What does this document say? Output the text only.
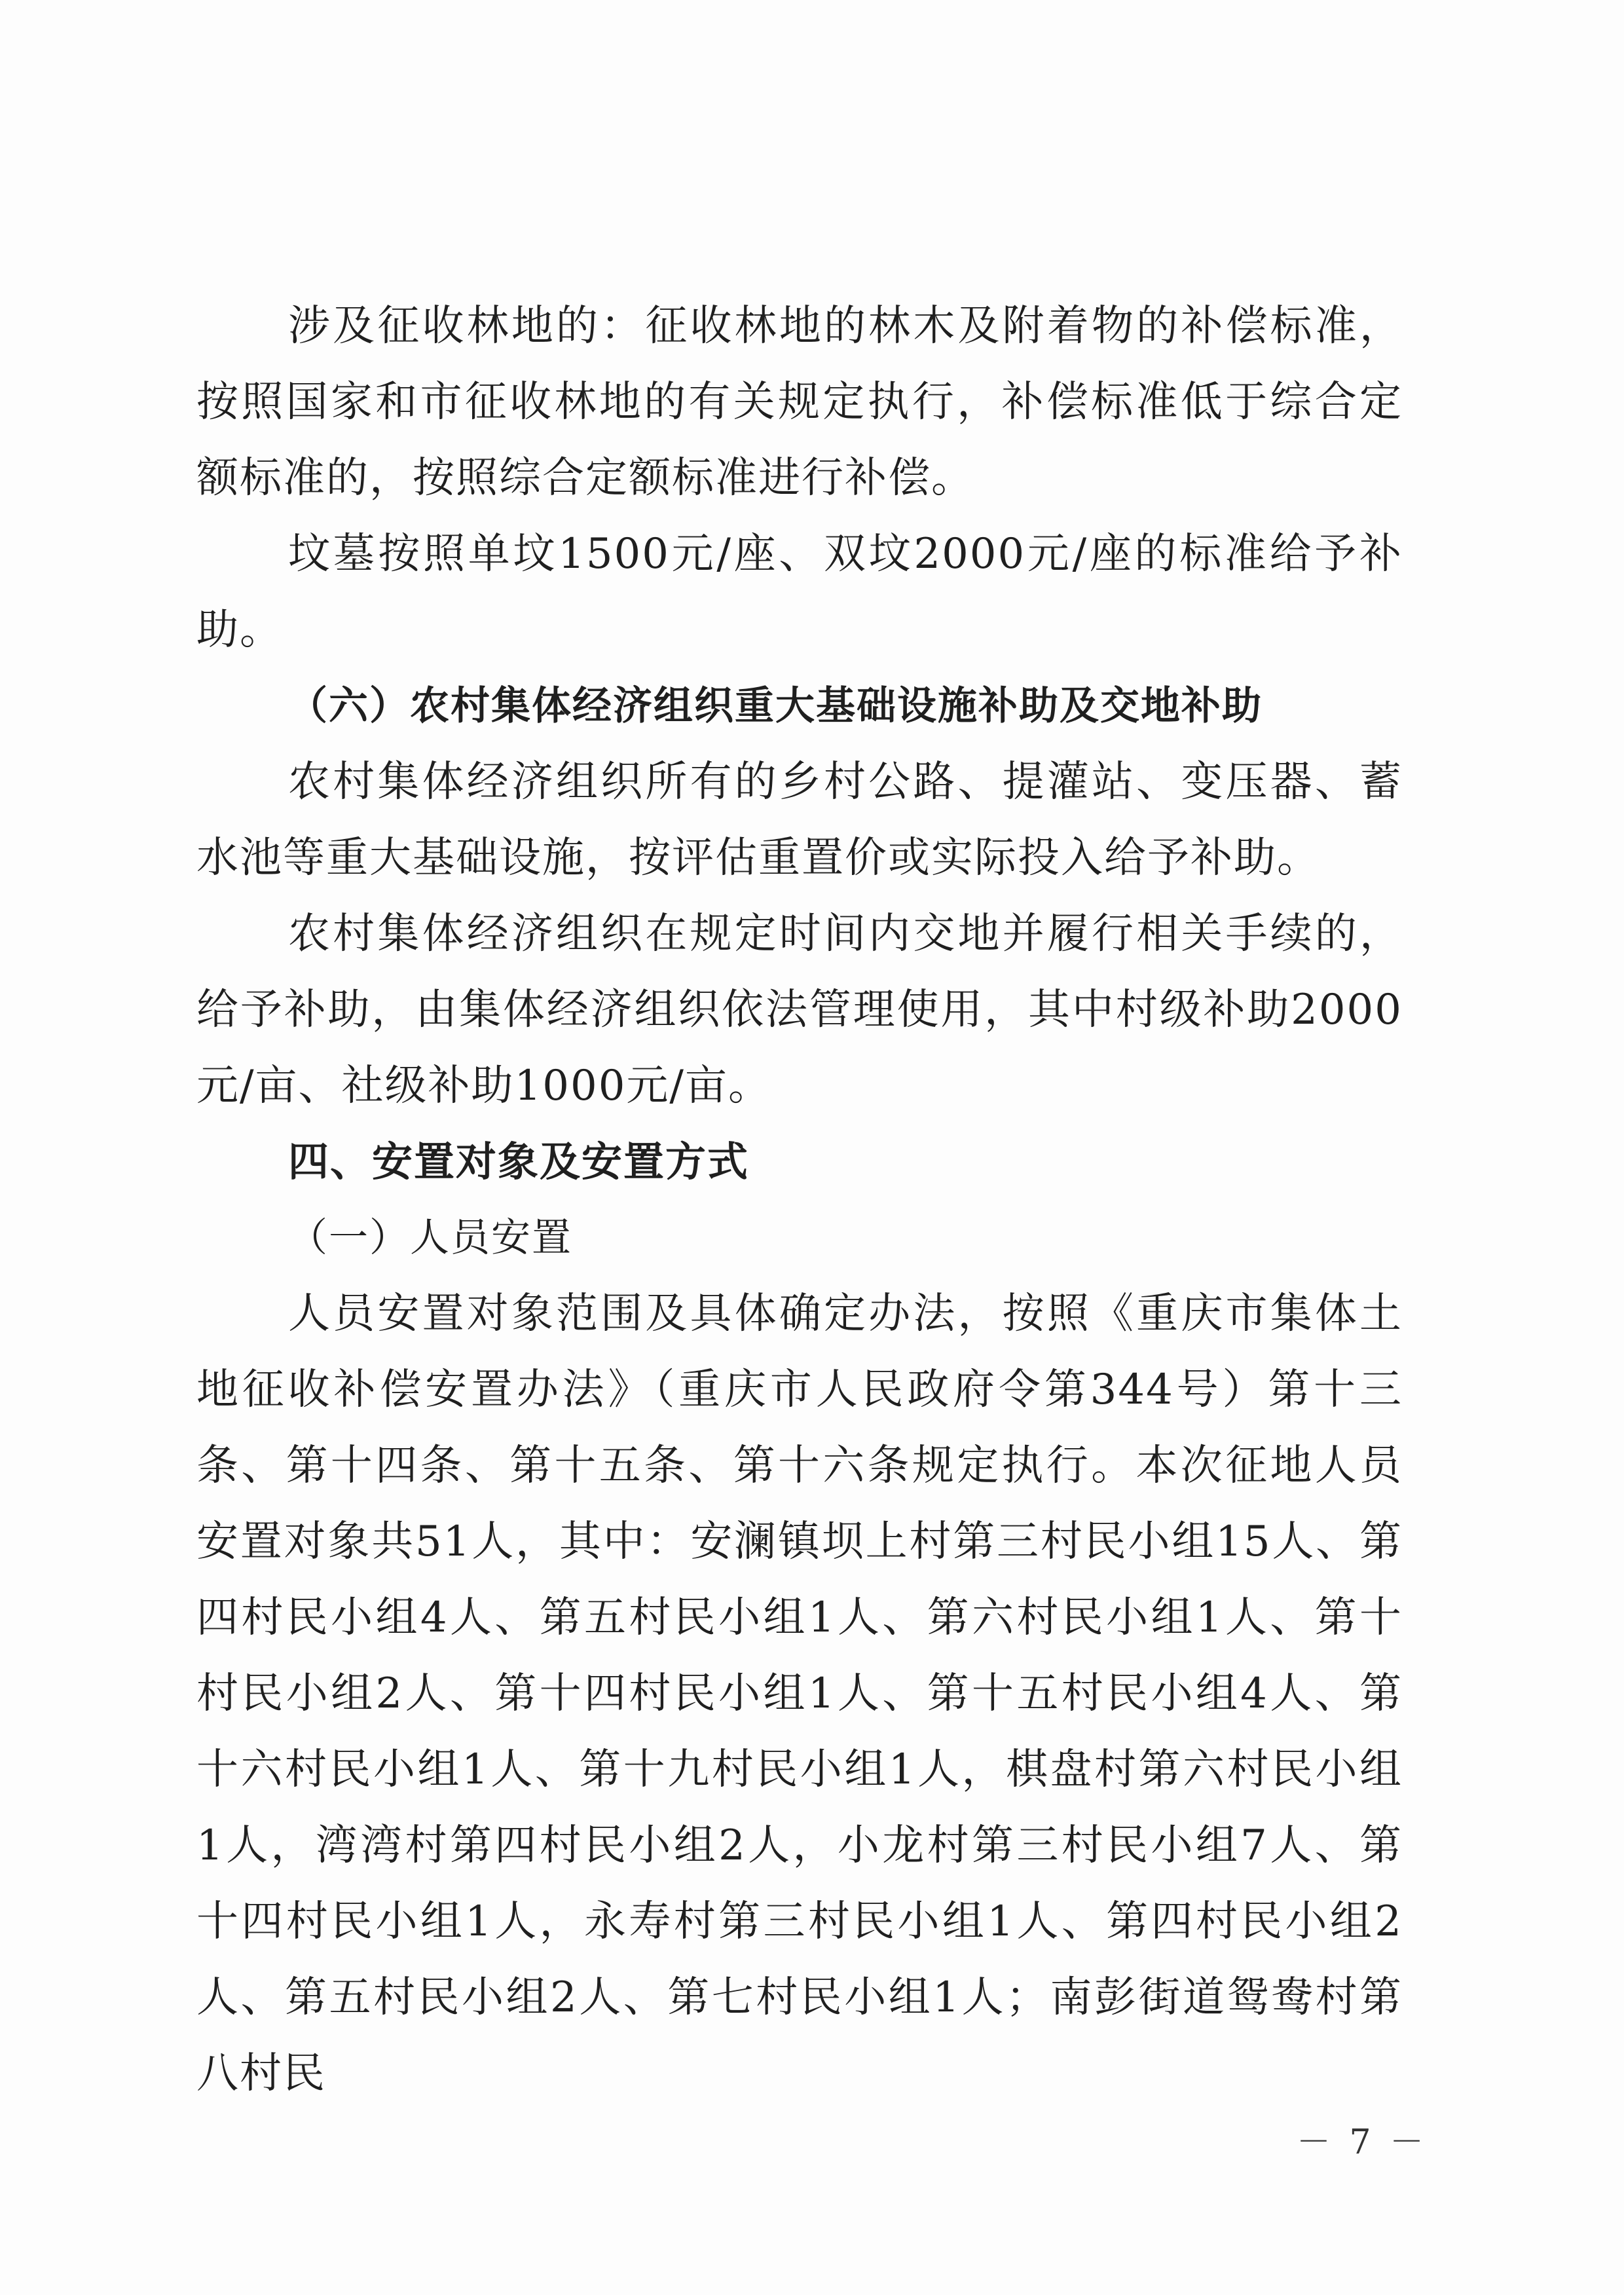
涉及征收林地的：征收林地的林木及附着物的补偿标准，按照国家和市征收林地的有关规定执行，补偿标准低于综合定额标准的，按照综合定额标准进行补偿。

坟墓按照单坟1500元/座、双坟2000元/座的标准给予补助。

（六）农村集体经济组织重大基础设施补助及交地补助

农村集体经济组织所有的乡村公路、提灌站、变压器、蓄水池等重大基础设施，按评估重置价或实际投入给予补助。

农村集体经济组织在规定时间内交地并履行相关手续的，给予补助，由集体经济组织依法管理使用，其中村级补助2000元/亩、社级补助1000元/亩。

四、安置对象及安置方式

（一）人员安置

人员安置对象范围及具体确定办法，按照《重庆市集体土地征收补偿安置办法》（重庆市人民政府令第344号）第十三条、第十四条、第十五条、第十六条规定执行。本次征地人员安置对象共51人，其中：安澜镇坝上村第三村民小组15人、第四村民小组4人、第五村民小组1人、第六村民小组1人、第十村民小组2人、第十四村民小组1人、第十五村民小组4人、第十六村民小组1人、第十九村民小组1人，棋盘村第六村民小组1人，湾湾村第四村民小组2人，小龙村第三村民小组7人、第十四村民小组1人，永寿村第三村民小组1人、第四村民小组2人、第五村民小组2人、第七村民小组1人；南彭街道鸳鸯村第八村民

－ 7 －
